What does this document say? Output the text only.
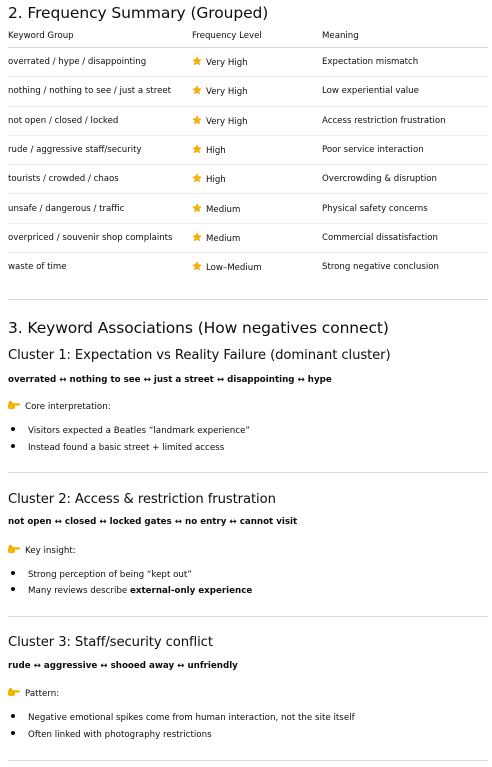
2. Frequency Summary (Grouped)
Keyword Group	Frequency Level	Meaning
overrated / hype / disappointing	Very High	Expectation mismatch
nothing / nothing to see / just a street	Very High	Low experiential value
not open / closed / locked	Very High	Access restriction frustration
rude / aggressive staff/security	High	Poor service interaction
tourists / crowded / chaos	High	Overcrowding & disruption
unsafe / dangerous / traffic	Medium	Physical safety concerns
overpriced / souvenir shop complaints	Medium	Commercial dissatisfaction
waste of time	Low–Medium	Strong negative conclusion
3. Keyword Associations (How negatives connect)
Cluster 1: Expectation vs Reality Failure (dominant cluster)
overrated ↔ nothing to see ↔ just a street ↔ disappointing ↔ hype
Core interpretation:
Visitors expected a Beatles “landmark experience”
Instead found a basic street + limited access
Cluster 2: Access & restriction frustration
not open ↔ closed ↔ locked gates ↔ no entry ↔ cannot visit
Key insight:
Strong perception of being “kept out”
Many reviews describe external-only experience
Cluster 3: Staff/security conflict
rude ↔ aggressive ↔ shooed away ↔ unfriendly
Pattern:
Negative emotional spikes come from human interaction, not the site itself
Often linked with photography restrictions
